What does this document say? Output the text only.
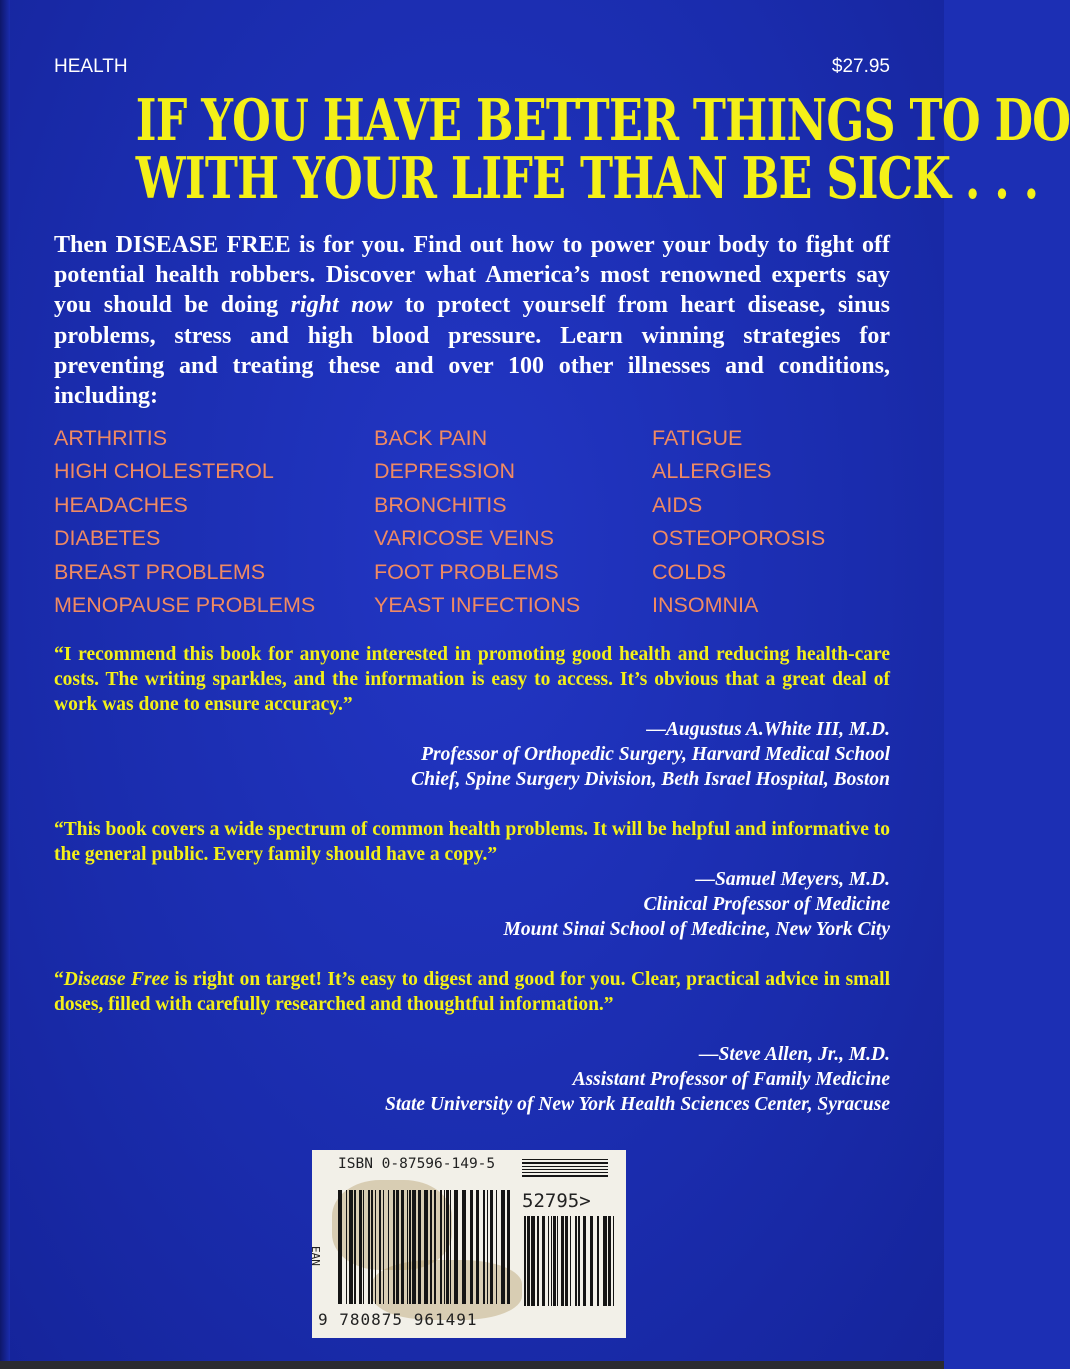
HEALTH	$27.95
IF YOU HAVE BETTER THINGS TO DO
WITH YOUR LIFE THAN BE SICK . . .
Then DISEASE FREE is for you. Find out how to power your body to fight off potential health robbers. Discover what America’s most renowned experts say you should be doing right now to protect yourself from heart disease, sinus problems, stress and high blood pressure. Learn winning strategies for preventing and treating these and over 100 other illnesses and conditions, including:
ARTHRITIS
HIGH CHOLESTEROL
HEADACHES
DIABETES
BREAST PROBLEMS
MENOPAUSE PROBLEMS
BACK PAIN
DEPRESSION
BRONCHITIS
VARICOSE VEINS
FOOT PROBLEMS
YEAST INFECTIONS
FATIGUE
ALLERGIES
AIDS
OSTEOPOROSIS
COLDS
INSOMNIA
“I recommend this book for anyone interested in promoting good health and reducing health-care costs. The writing sparkles, and the information is easy to access. It’s obvious that a great deal of work was done to ensure accuracy.”
—Augustus A.White III, M.D.
Professor of Orthopedic Surgery, Harvard Medical School
Chief, Spine Surgery Division, Beth Israel Hospital, Boston
“This book covers a wide spectrum of common health problems. It will be helpful and informative to the general public. Every family should have a copy.”
—Samuel Meyers, M.D.
Clinical Professor of Medicine
Mount Sinai School of Medicine, New York City
“Disease Free is right on target! It’s easy to digest and good for you. Clear, practical advice in small doses, filled with carefully researched and thoughtful information.”
—Steve Allen, Jr., M.D.
Assistant Professor of Family Medicine
State University of New York Health Sciences Center, Syracuse
ISBN 0-87596-149-5
52795>
EAN
9 780875 961491
